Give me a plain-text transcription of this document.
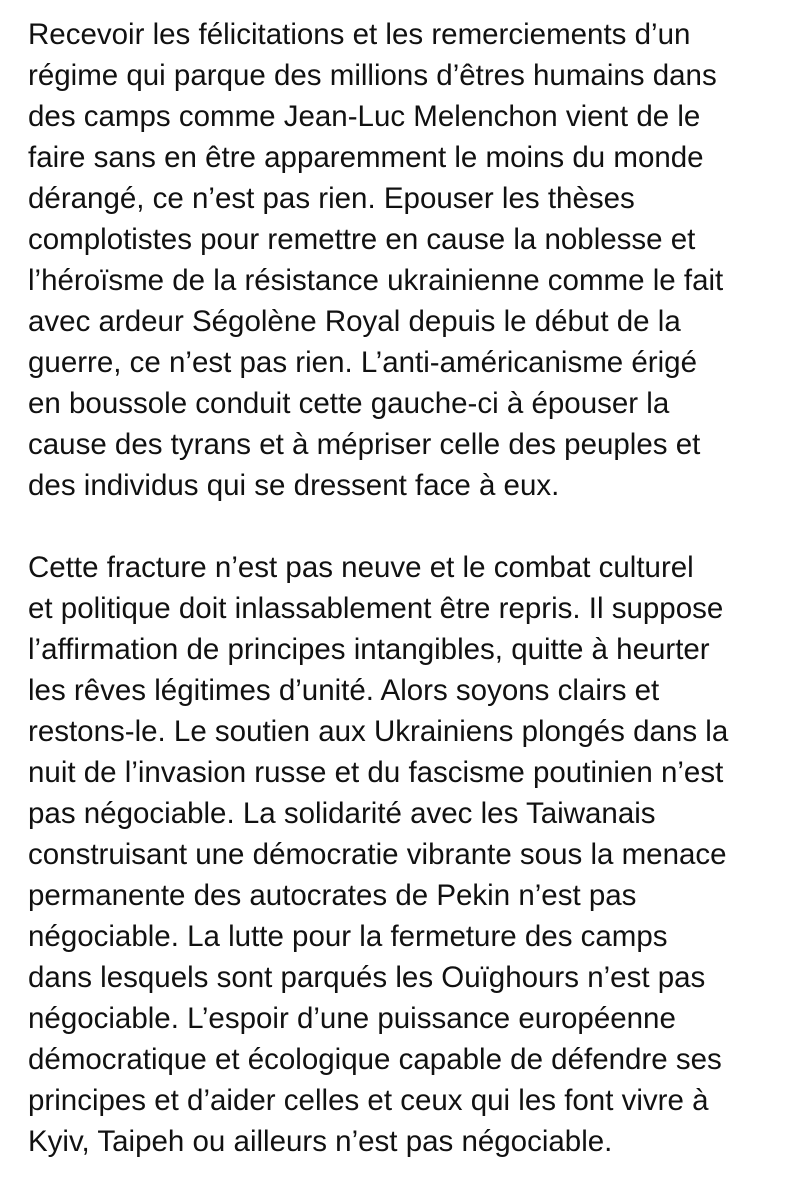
Recevoir les félicitations et les remerciements d’un
régime qui parque des millions d’êtres humains dans
des camps comme Jean-Luc Melenchon vient de le
faire sans en être apparemment le moins du monde
dérangé, ce n’est pas rien. Epouser les thèses
complotistes pour remettre en cause la noblesse et
l’héroïsme de la résistance ukrainienne comme le fait
avec ardeur Ségolène Royal depuis le début de la
guerre, ce n’est pas rien. L’anti-américanisme érigé
en boussole conduit cette gauche-ci à épouser la
cause des tyrans et à mépriser celle des peuples et
des individus qui se dressent face à eux.

Cette fracture n’est pas neuve et le combat culturel
et politique doit inlassablement être repris. Il suppose
l’affirmation de principes intangibles, quitte à heurter
les rêves légitimes d’unité. Alors soyons clairs et
restons-le. Le soutien aux Ukrainiens plongés dans la
nuit de l’invasion russe et du fascisme poutinien n’est
pas négociable. La solidarité avec les Taiwanais
construisant une démocratie vibrante sous la menace
permanente des autocrates de Pekin n’est pas
négociable. La lutte pour la fermeture des camps
dans lesquels sont parqués les Ouïghours n’est pas
négociable. L’espoir d’une puissance européenne
démocratique et écologique capable de défendre ses
principes et d’aider celles et ceux qui les font vivre à
Kyiv, Taipeh ou ailleurs n’est pas négociable.
